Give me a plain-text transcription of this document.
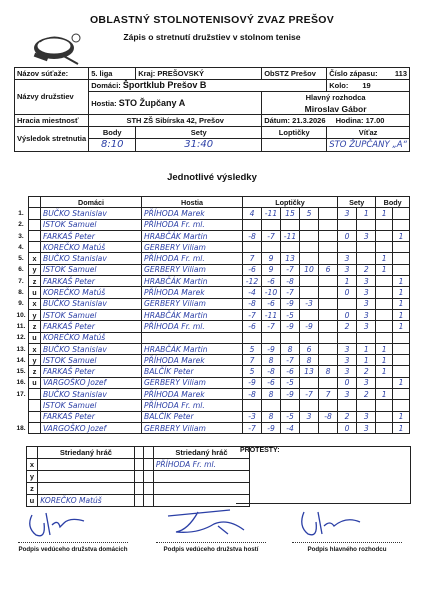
OBLASTNÝ STOLNOTENISOVÝ ZVAZ PREŠOV
Zápis o stretnutí družstiev v stolnom tenise
Názov súťaže:	5. liga	Kraj: PREŠOVSKÝ	ObSTZ Prešov	Číslo zápasu: 113

Názvy družstiev	Domáci: Športklub Prešov B			Kolo: 19
	Hostia: STO Župčany A		Hlavný rozhodca
Miroslav Gábor	

Hracia miestnosť	STH ZŠ Sibírska 42, Prešov		Dátum: 21.3.2026 Hodina: 17.00	
Výsledok stretnutia	Body	Sety	Loptičky	Víťaz
	8:10	31:40		STO ŽUPČANY „A“
Jednotlivé výsledky
		Domáci	Hostia	Loptičky					Sety		Body	
1.		BUČKO Stanislav	PŘÍHODA Marek	4	-11	15	5		3	1	1	
2.		ISTOK Samuel	PŘÍHODA Fr. ml.									
3.		FARKAŠ Peter	HRABČÁK Martin	-8	-7	-11			0	3		1
4.		KOREČKO Matúš	GERBERY Viliam									
5.	x	BUČKO Stanislav	PŘÍHODA Fr. ml.	7	9	13			3		1	
6.	y	ISTOK Samuel	GERBERY Viliam	-6	9	-7	10	6	3	2	1	
7.	z	FARKAŠ Peter	HRABČÁK Martin	-12	-6	-8			1	3		1
8.	u	KOREČKO Matúš	PŘÍHODA Marek	-4	-10	-7			0	3		1
9.	x	BUČKO Stanislav	GERBERY Viliam	-8	-6	-9	-3			3		1
10.	y	ISTOK Samuel	HRABČÁK Martin	-7	-11	-5			0	3		1
11.	z	FARKAŠ Peter	PŘÍHODA Fr. ml.	-6	-7	-9	-9		2	3		1
12.	u	KOREČKO Matúš										
13.	x	BUČKO Stanislav	HRABČÁK Martin	5	-9	8	6		3	1	1	
14.	y	ISTOK Samuel	PŘÍHODA Marek	7	8	-7	8		3	1	1	
15.	z	FARKAŠ Peter	BALČÍK Peter	5	-8	-6	13	8	3	2	1	
16.	u	VARGOŠKO Jozef	GERBERY Viliam	-9	-6	-5			0	3		1
17.		BUČKO Stanislav	PŘÍHODA Marek	-8	8	-9	-7	7	3	2	1	
		ISTOK Samuel	PŘÍHODA Fr. ml.									
		FARKAŠ Peter	BALČÍK Peter	-3	8	-5	3	-8	2	3		1
18.		VARGOŠKO Jozef	GERBERY Viliam	-7	-9	-4			0	3		1
		Striedaný hráč			Striedaný hráč
	x				PŘÍHODA Fr. ml.
	y				
	z				
	u	KOREČKO Matúš			
PROTESTY:
Podpis vedúceho družstva domácich	Podpis vedúceho družstva hostí	Podpis hlavného rozhodcu
